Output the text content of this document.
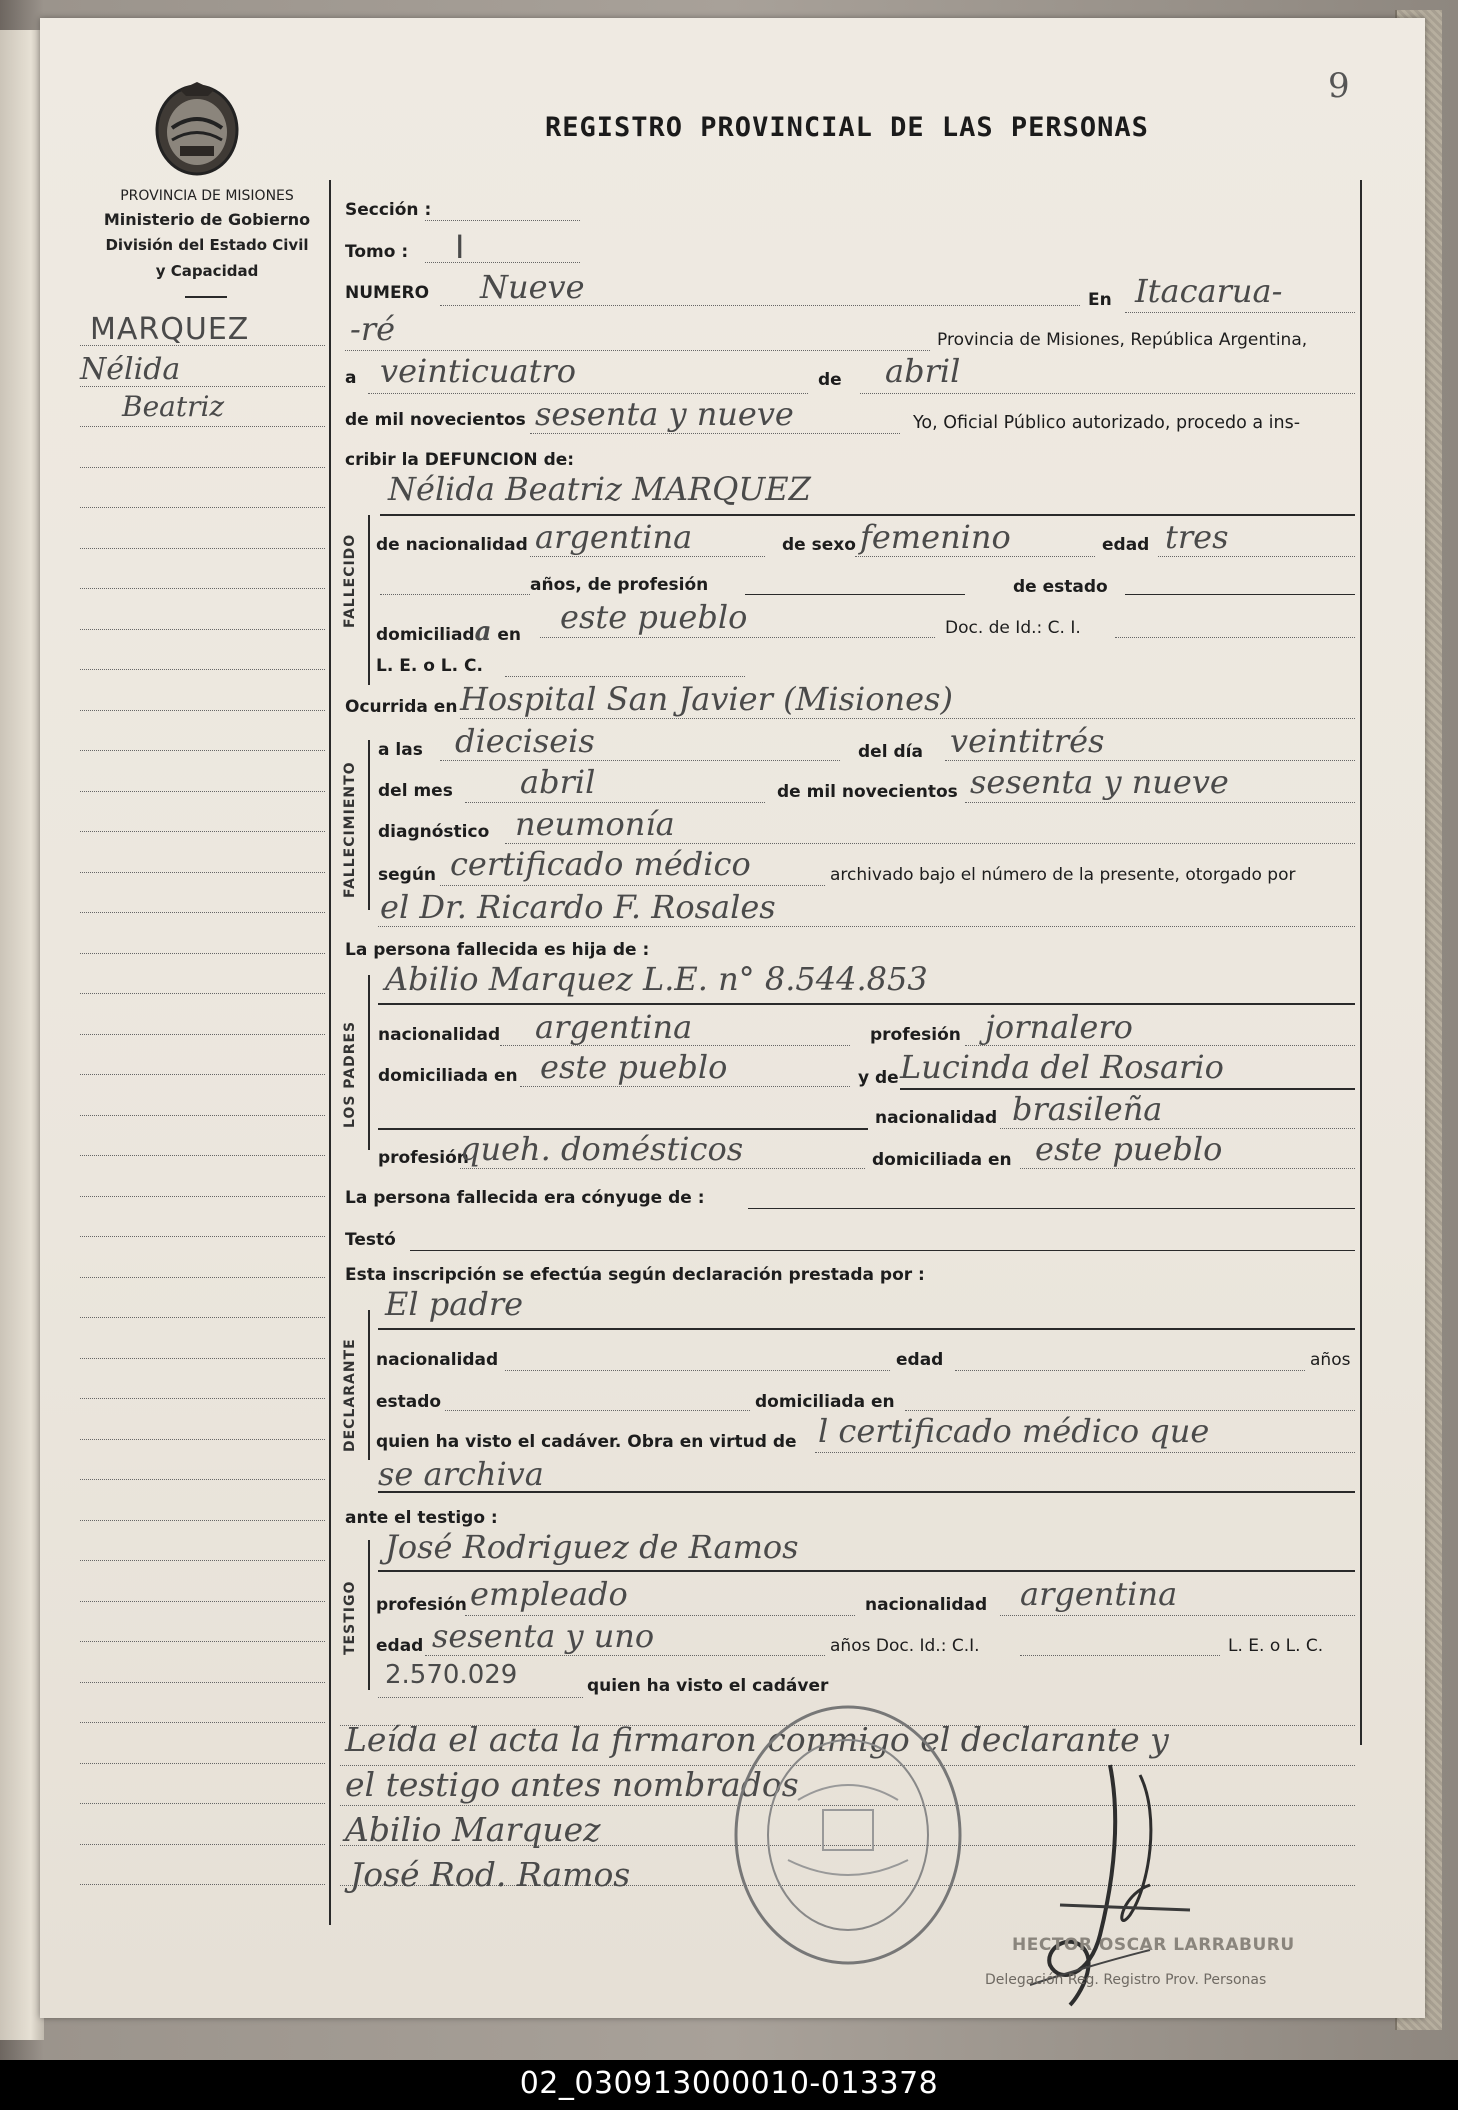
9
REGISTRO PROVINCIAL DE LAS PERSONAS
PROVINCIA DE MISIONES
Ministerio de Gobierno
División del Estado Civil
y Capacidad
MARQUEZ
Nélida
Beatriz
FALLECIDO
FALLECIMIENTO
LOS PADRES
DECLARANTE
TESTIGO
Sección :
Tomo : I
NUMERO Nueve	En Itacarua-
-ré	Provincia de Misiones, República Argentina,
a veinticuatro	de abril
de mil novecientos sesenta y nueve	Yo, Oficial Público autorizado, procedo a ins-
cribir la DEFUNCION de:
Nélida Beatriz MARQUEZ
de nacionalidad argentina	de sexo femenino	edad tres
años, de profesión	de estado
domiciliada en este pueblo	Doc. de Id.: C. I.
L. E. o L. C.
Ocurrida en Hospital San Javier (Misiones)
a las dieciseis	del día veintitrés
del mes abril	de mil novecientos sesenta y nueve
diagnóstico neumonía
según certificado médico	archivado bajo el número de la presente, otorgado por
el Dr. Ricardo F. Rosales
La persona fallecida es hija de :
Abilio Marquez L.E. n° 8.544.853
nacionalidad argentina	profesión jornalero
domiciliada en este pueblo	y de Lucinda del Rosario
nacionalidad brasileña
profesión
queh. domésticos	domiciliada en este pueblo
La persona fallecida era cónyuge de :
Testó
Esta inscripción se efectúa según declaración prestada por :
El padre
nacionalidad	edad	años
estado	domiciliada en
quien ha visto el cadáver. Obra en virtud de l certificado médico que
se archiva
ante el testigo :
José Rodriguez de Ramos
profesión empleado	nacionalidad argentina
edad sesenta y uno	años Doc. Id.: C.I.	L. E. o L. C.
2.570.029	quien ha visto el cadáver
Leída el acta la firmaron conmigo el declarante y
el testigo antes nombrados
Abilio Marquez
José Rod. Ramos
HECTOR OSCAR LARRABURU
Delegación Reg. Registro Prov. Personas
02_030913000010-013378
